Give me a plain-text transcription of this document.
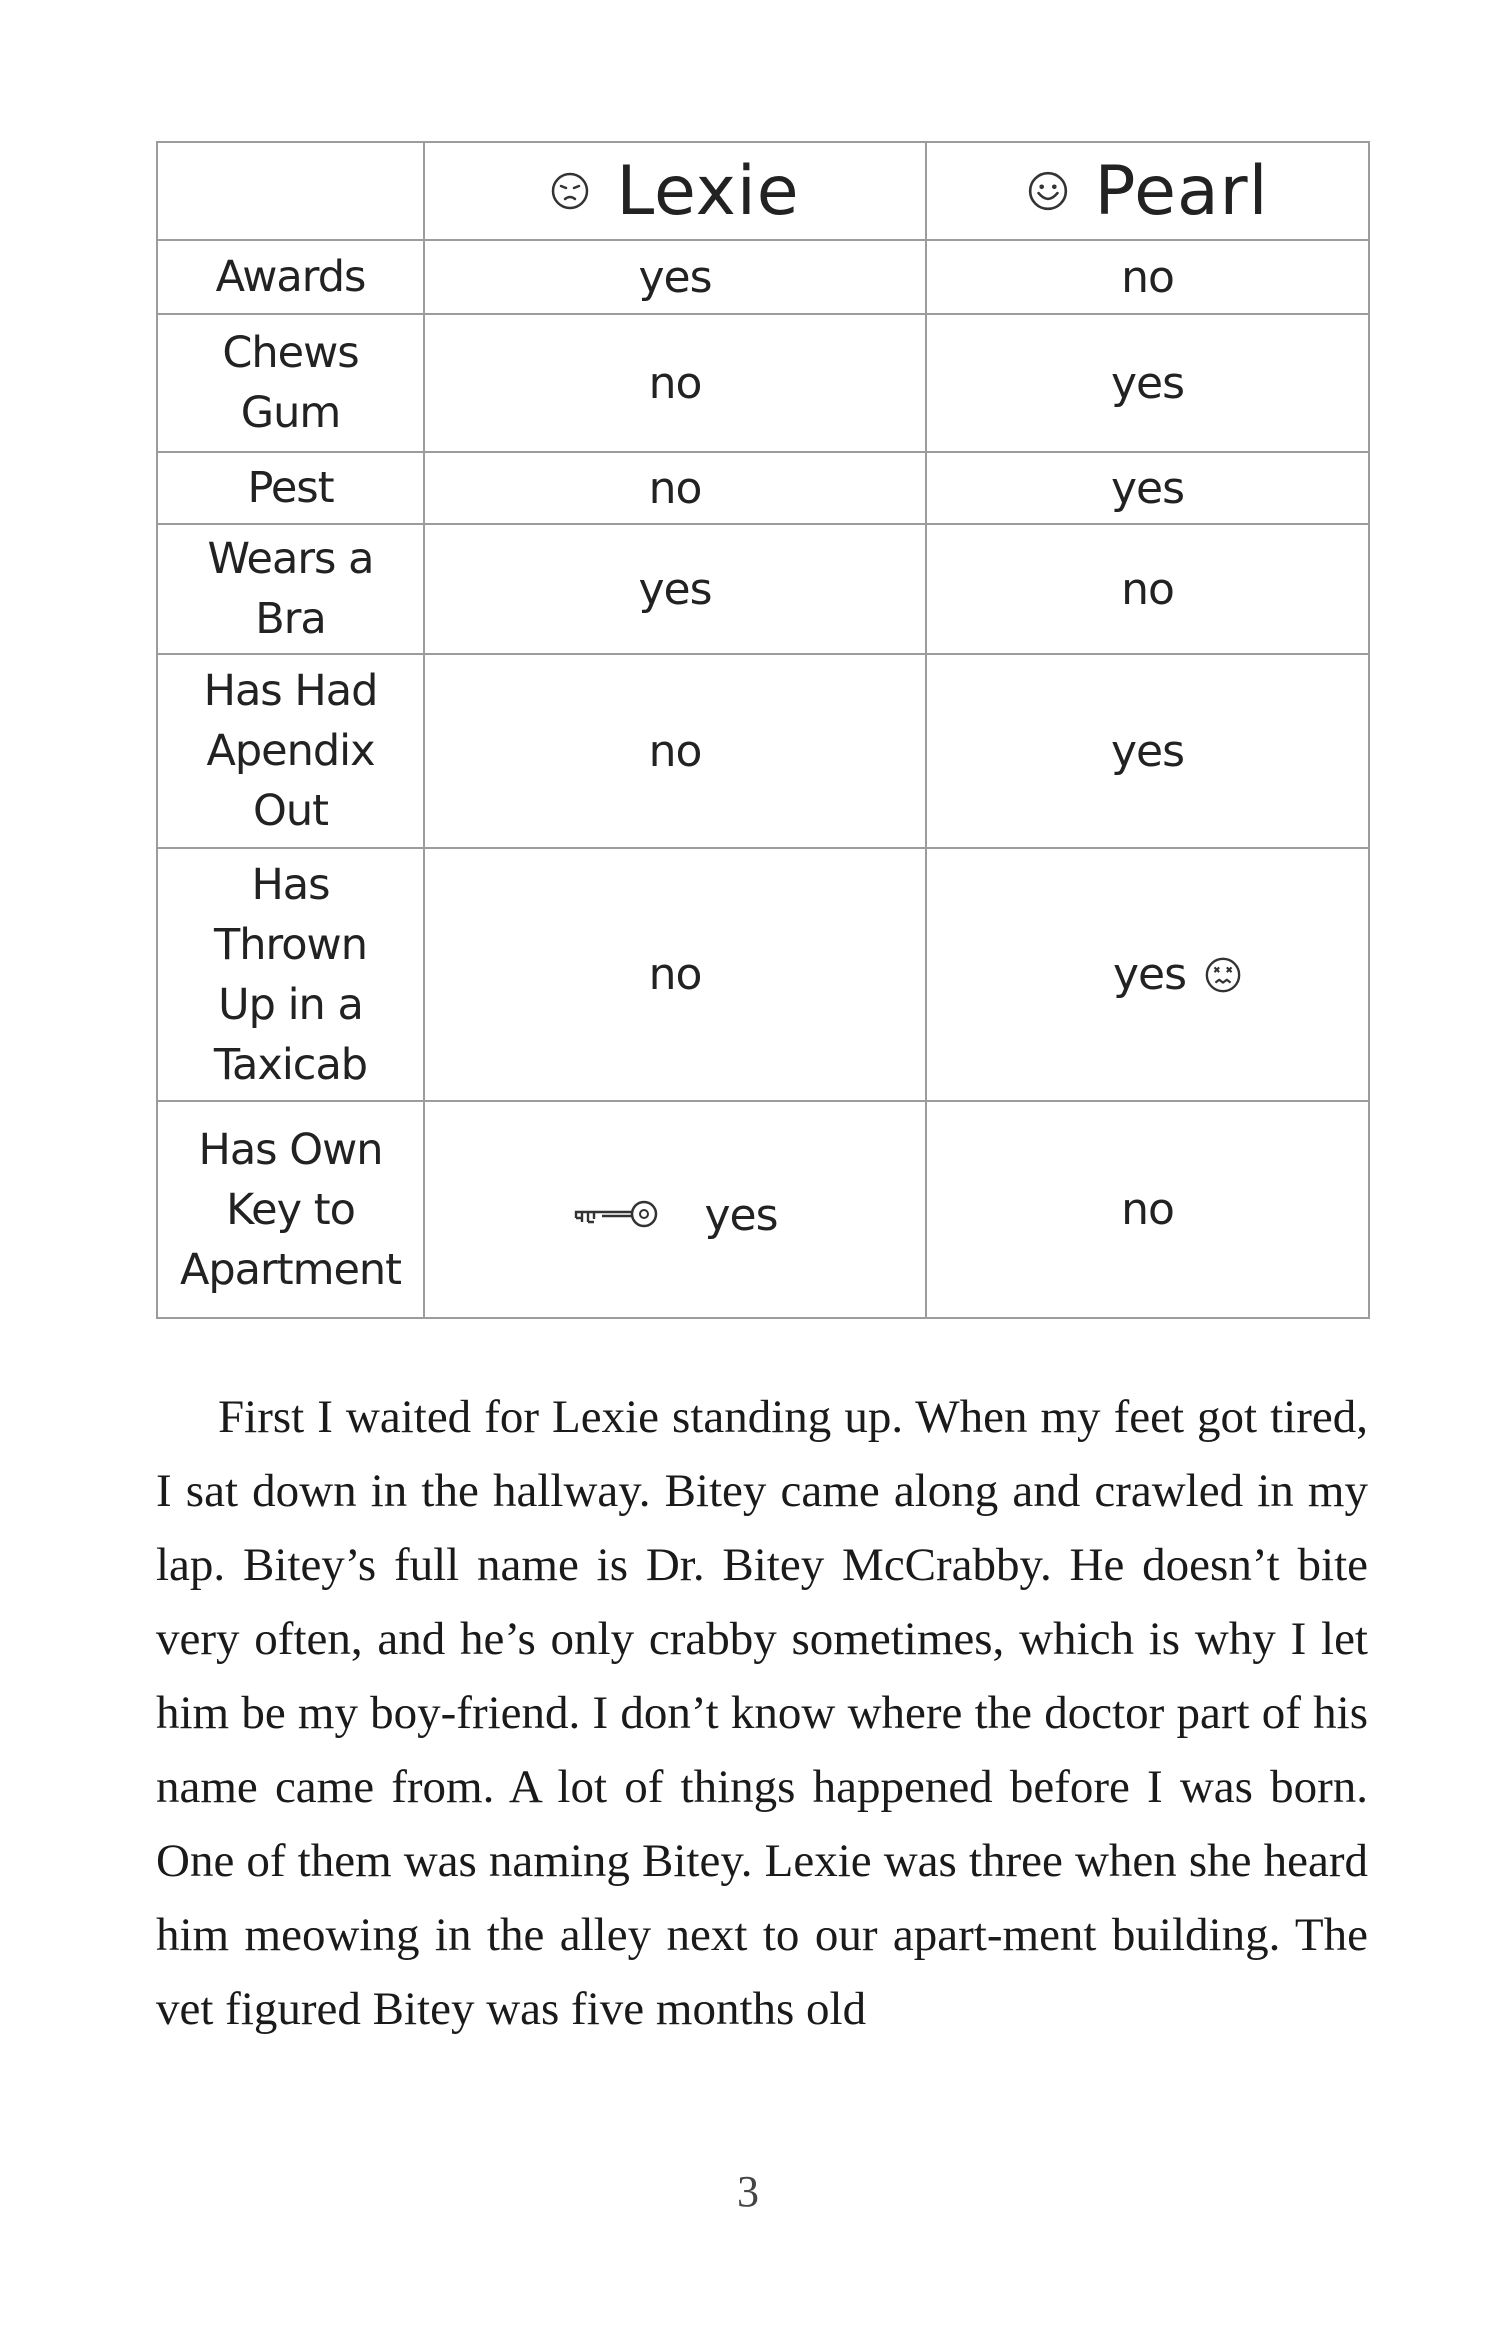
	Lexie	Pearl

Awards	yes	no

Chews
Gum	no	yes

Pest	no	yes

Wears a
Bra	yes	no

Has Had
Apendix
Out	no	yes

Has
Thrown
Up in a
Taxicab	no	yes

Has Own
Key to
Apartment	yes	no

First I waited for Lexie standing up. When my feet got tired, I sat down in the hallway. Bitey came along and crawled in my lap. Bitey’s full name is Dr. Bitey McCrabby. He doesn’t bite very often, and he’s only crabby sometimes, which is why I let him be my boy-friend. I don’t know where the doctor part of his name came from. A lot of things happened before I was born. One of them was naming Bitey. Lexie was three when she heard him meowing in the alley next to our apart-ment building. The vet figured Bitey was five months old

3
